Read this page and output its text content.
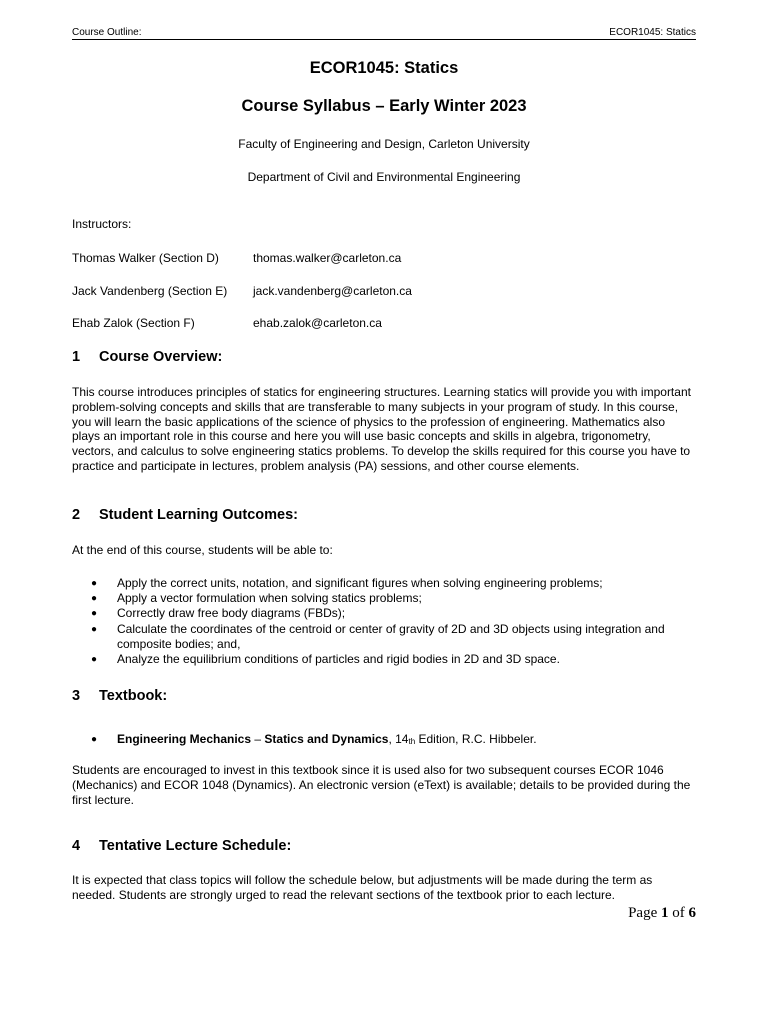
Course Outline:	ECOR1045: Statics
ECOR1045: Statics
Course Syllabus – Early Winter 2023
Faculty of Engineering and Design, Carleton University
Department of Civil and Environmental Engineering
Instructors:
Thomas Walker (Section D)	thomas.walker@carleton.ca
Jack Vandenberg (Section E) jack.vandenberg@carleton.ca
Ehab Zalok (Section F)	ehab.zalok@carleton.ca
1 Course Overview:
This course introduces principles of statics for engineering structures. Learning statics will provide you with important problem-solving concepts and skills that are transferable to many subjects in your program of study. In this course, you will learn the basic applications of the science of physics to the profession of engineering. Mathematics also plays an important role in this course and here you will use basic concepts and skills in algebra, trigonometry, vectors, and calculus to solve engineering statics problems. To develop the skills required for this course you have to practice and participate in lectures, problem analysis (PA) sessions, and other course elements.
2 Student Learning Outcomes:
At the end of this course, students will be able to:
● Apply the correct units, notation, and significant figures when solving engineering problems;
● Apply a vector formulation when solving statics problems;
● Correctly draw free body diagrams (FBDs);
● Calculate the coordinates of the centroid or center of gravity of 2D and 3D objects using integration and composite bodies; and,
● Analyze the equilibrium conditions of particles and rigid bodies in 2D and 3D space.
3 Textbook:
● Engineering Mechanics – Statics and Dynamics, 14th Edition, R.C. Hibbeler.
Students are encouraged to invest in this textbook since it is used also for two subsequent courses ECOR 1046 (Mechanics) and ECOR 1048 (Dynamics). An electronic version (eText) is available; details to be provided during the first lecture.
4 Tentative Lecture Schedule:
It is expected that class topics will follow the schedule below, but adjustments will be made during the term as needed. Students are strongly urged to read the relevant sections of the textbook prior to each lecture.
Page 1 of 6
